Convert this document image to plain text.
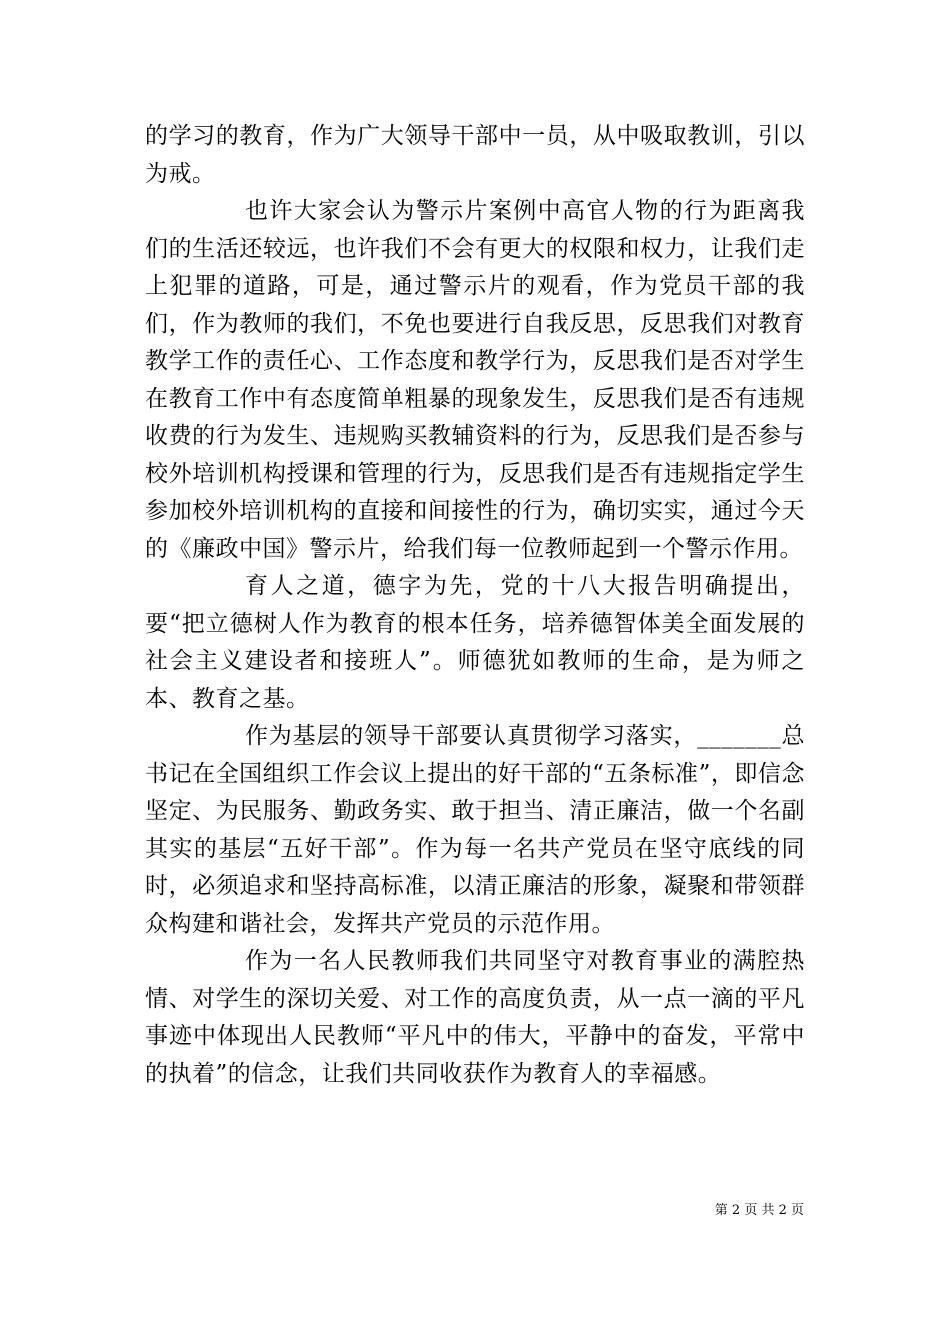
的学习的教育，作为广大领导干部中一员，从中吸取教训，引以为戒。

也许大家会认为警示片案例中高官人物的行为距离我们的生活还较远，也许我们不会有更大的权限和权力，让我们走上犯罪的道路，可是，通过警示片的观看，作为党员干部的我们，作为教师的我们，不免也要进行自我反思，反思我们对教育教学工作的责任心、工作态度和教学行为，反思我们是否对学生在教育工作中有态度简单粗暴的现象发生，反思我们是否有违规收费的行为发生、违规购买教辅资料的行为，反思我们是否参与校外培训机构授课和管理的行为，反思我们是否有违规指定学生参加校外培训机构的直接和间接性的行为，确切实实，通过今天的《廉政中国》警示片，给我们每一位教师起到一个警示作用。

育人之道，德字为先，党的十八大报告明确提出，要“把立德树人作为教育的根本任务，培养德智体美全面发展的社会主义建设者和接班人”。师德犹如教师的生命，是为师之本、教育之基。

作为基层的领导干部要认真贯彻学习落实，_______总书记在全国组织工作会议上提出的好干部的“五条标准”，即信念坚定、为民服务、勤政务实、敢于担当、清正廉洁，做一个名副其实的基层“五好干部”。作为每一名共产党员在坚守底线的同时，必须追求和坚持高标准，以清正廉洁的形象，凝聚和带领群众构建和谐社会，发挥共产党员的示范作用。

作为一名人民教师我们共同坚守对教育事业的满腔热情、对学生的深切关爱、对工作的高度负责，从一点一滴的平凡事迹中体现出人民教师“平凡中的伟大，平静中的奋发，平常中的执着”的信念，让我们共同收获作为教育人的幸福感。

第 2 页 共 2 页
